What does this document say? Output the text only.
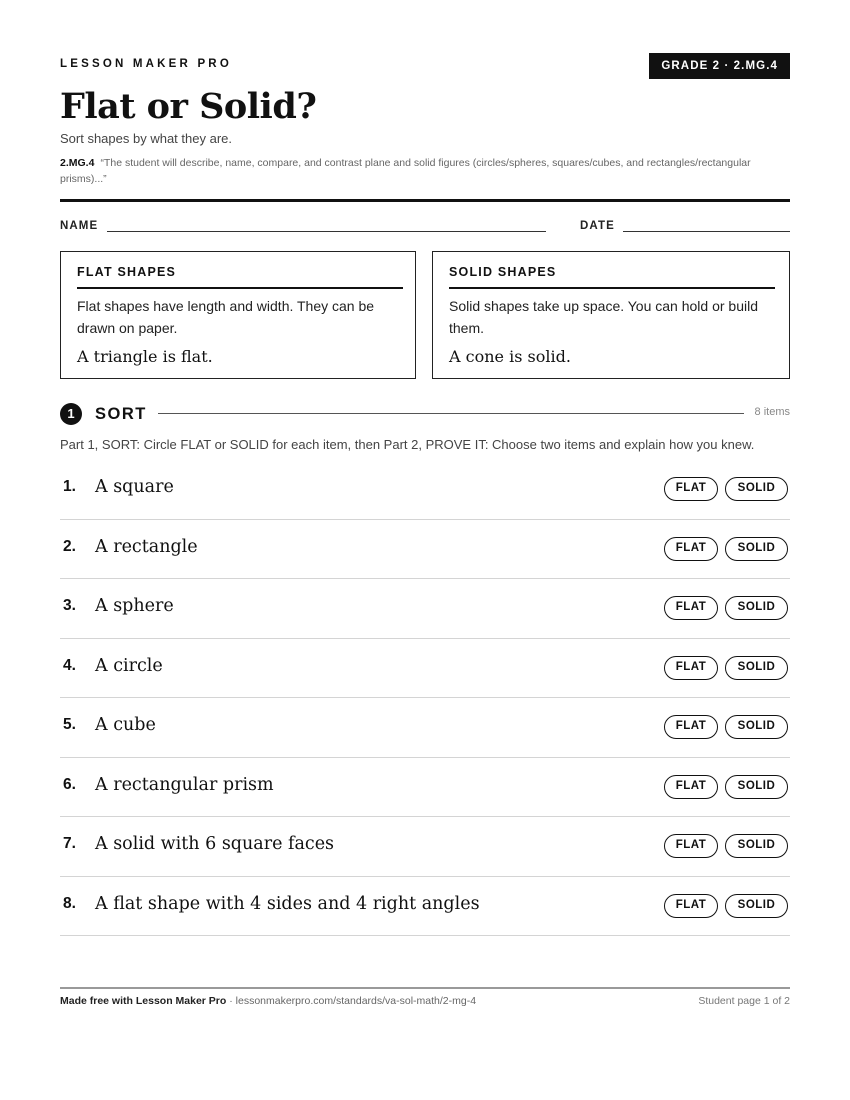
LESSON MAKER PRO	GRADE 2 · 2.MG.4
Flat or Solid?
Sort shapes by what they are.
2.MG.4 “The student will describe, name, compare, and contrast plane and solid figures (circles/spheres, squares/cubes, and rectangles/rectangular prisms)...”
NAME	DATE
FLAT SHAPES
Flat shapes have length and width. They can be drawn on paper.
A triangle is flat.
SOLID SHAPES
Solid shapes take up space. You can hold or build them.
A cone is solid.
1	SORT	8 items
Part 1, SORT: Circle FLAT or SOLID for each item, then Part 2, PROVE IT: Choose two items and explain how you knew.
1. A square	FLAT	SOLID
2. A rectangle	FLAT	SOLID
3. A sphere	FLAT	SOLID
4. A circle	FLAT	SOLID
5. A cube	FLAT	SOLID
6. A rectangular prism	FLAT	SOLID
7. A solid with 6 square faces	FLAT	SOLID
8. A flat shape with 4 sides and 4 right angles	FLAT	SOLID
Made free with Lesson Maker Pro · lessonmakerpro.com/standards/va-sol-math/2-mg-4	Student page 1 of 2
